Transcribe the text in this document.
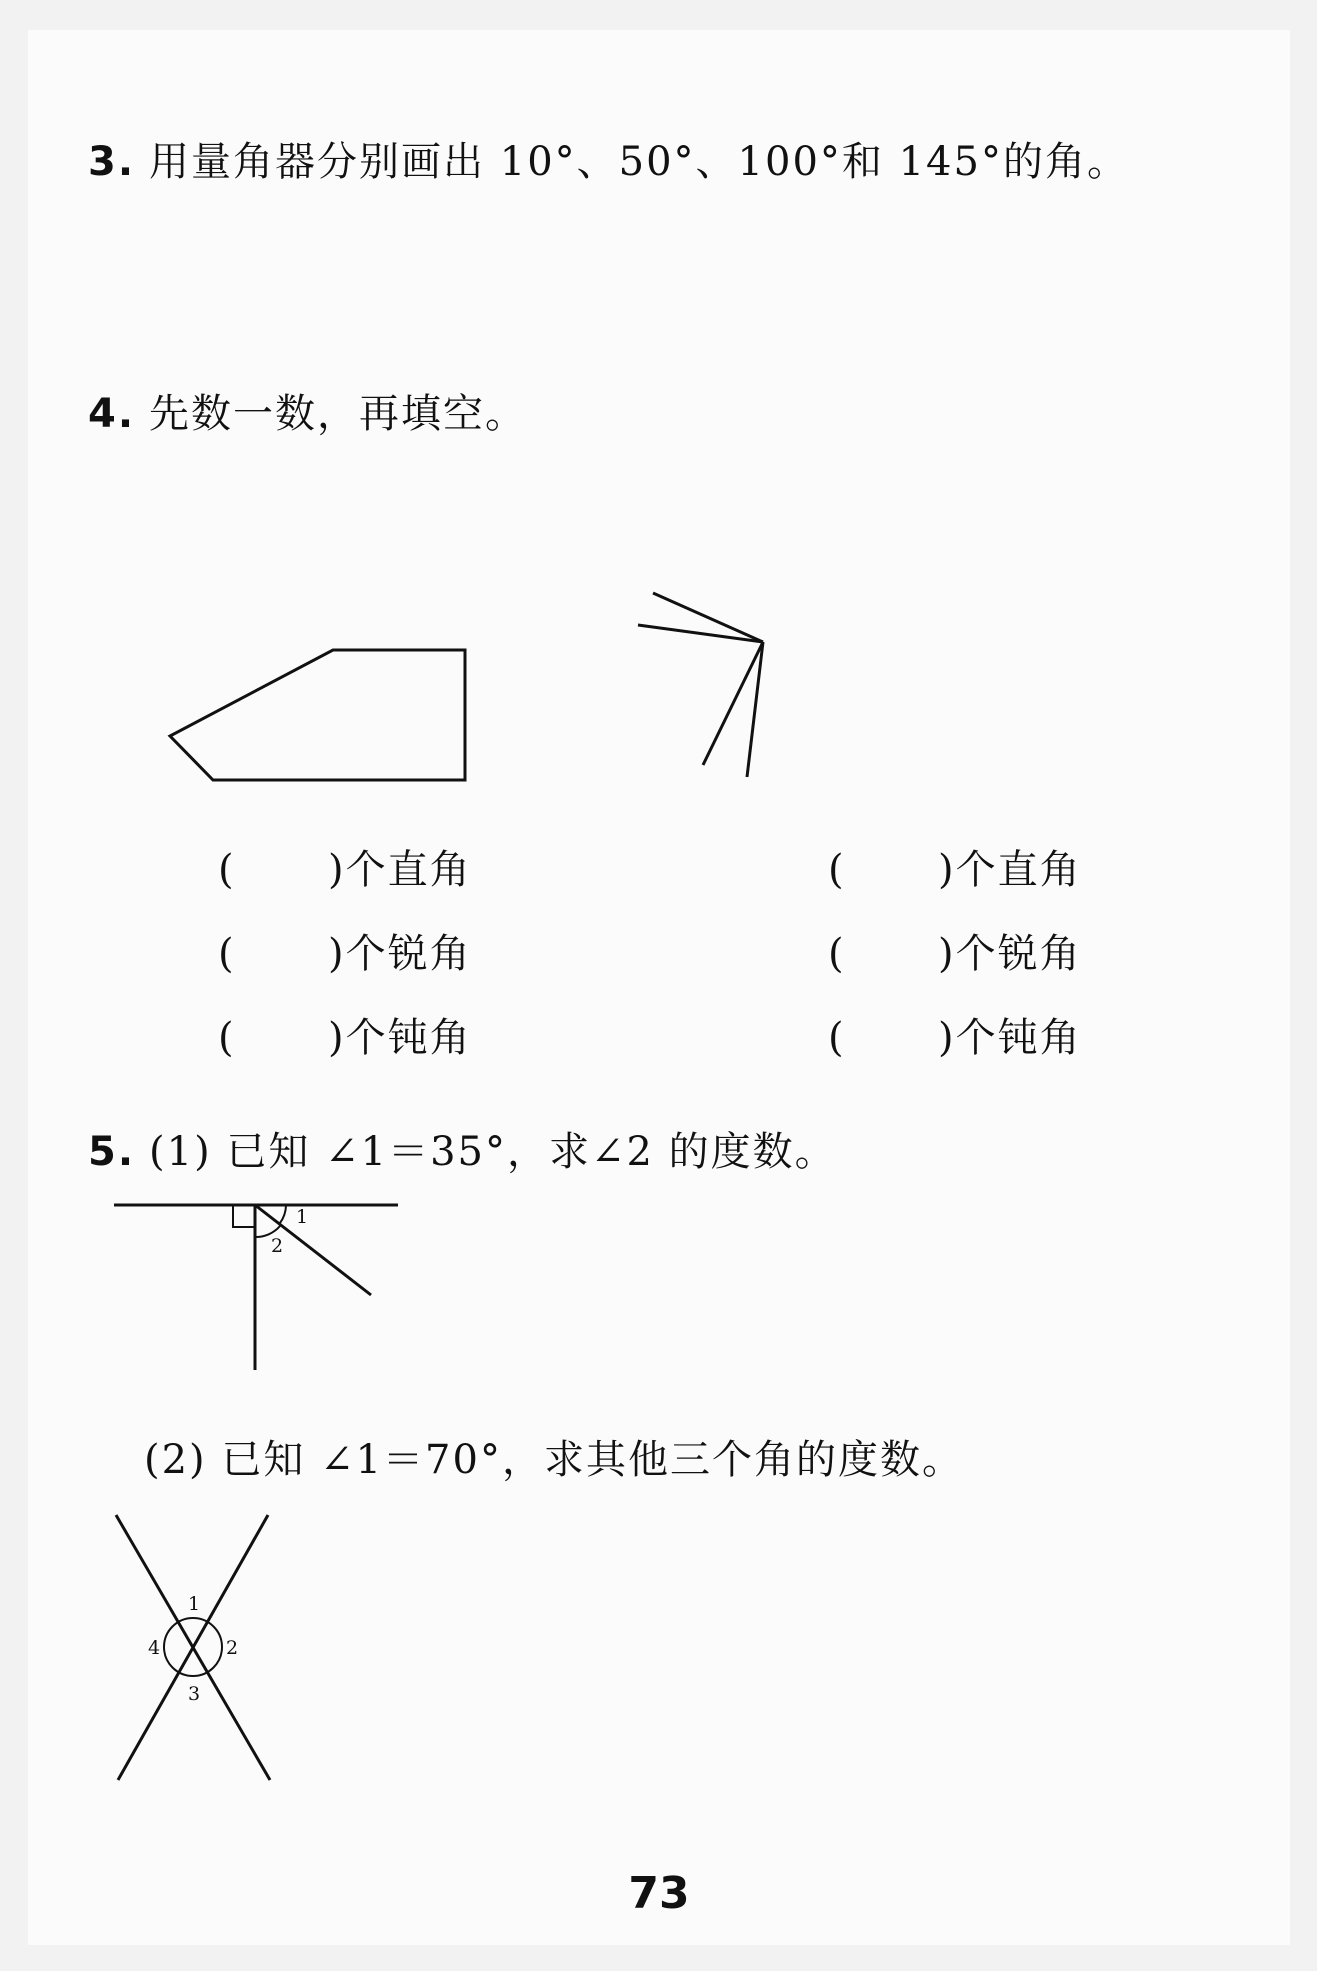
3. 用量角器分别画出 10°、50°、100°和 145°的角。
4. 先数一数，再填空。
1
2
1
2
3
4
( )个直角
( )个锐角
( )个钝角
( )个直角
( )个锐角
( )个钝角
5. (1) 已知 ∠1＝35°，求∠2 的度数。
(2) 已知 ∠1＝70°，求其他三个角的度数。
73
